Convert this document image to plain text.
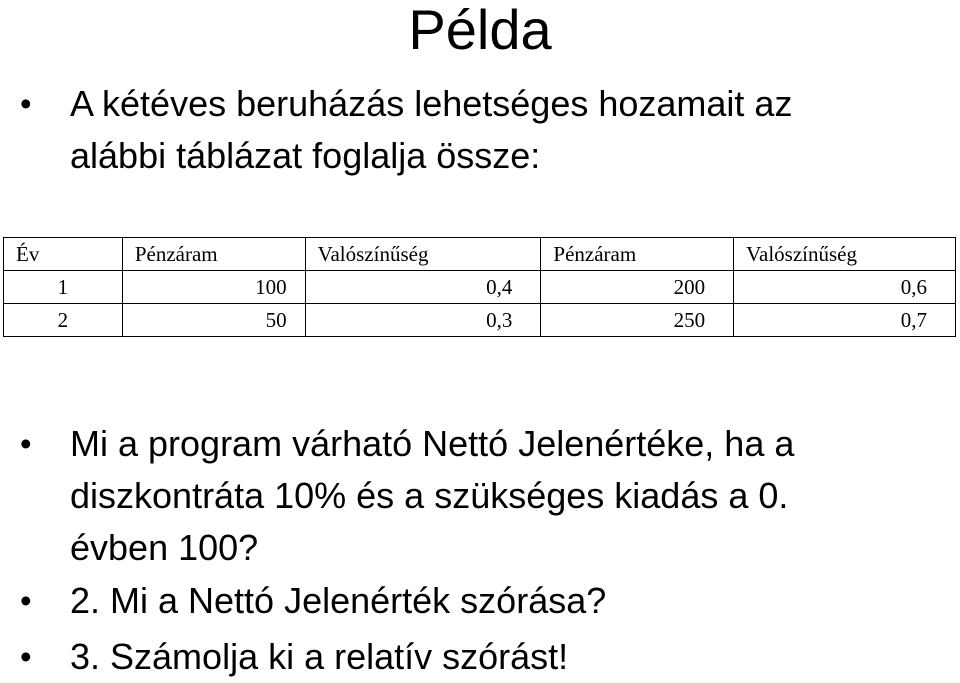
Példa
• A kétéves beruházás lehetséges hozamait az
alábbi táblázat foglalja össze:
Év	Pénzáram	Valószínűség	Pénzáram	Valószínűség
1	100	0,4	200	0,6
2	50	0,3	250	0,7
• Mi a program várható Nettó Jelenértéke, ha a
diszkontráta 10% és a szükséges kiadás a 0.
évben 100?
• 2. Mi a Nettó Jelenérték szórása?
• 3. Számolja ki a relatív szórást!
